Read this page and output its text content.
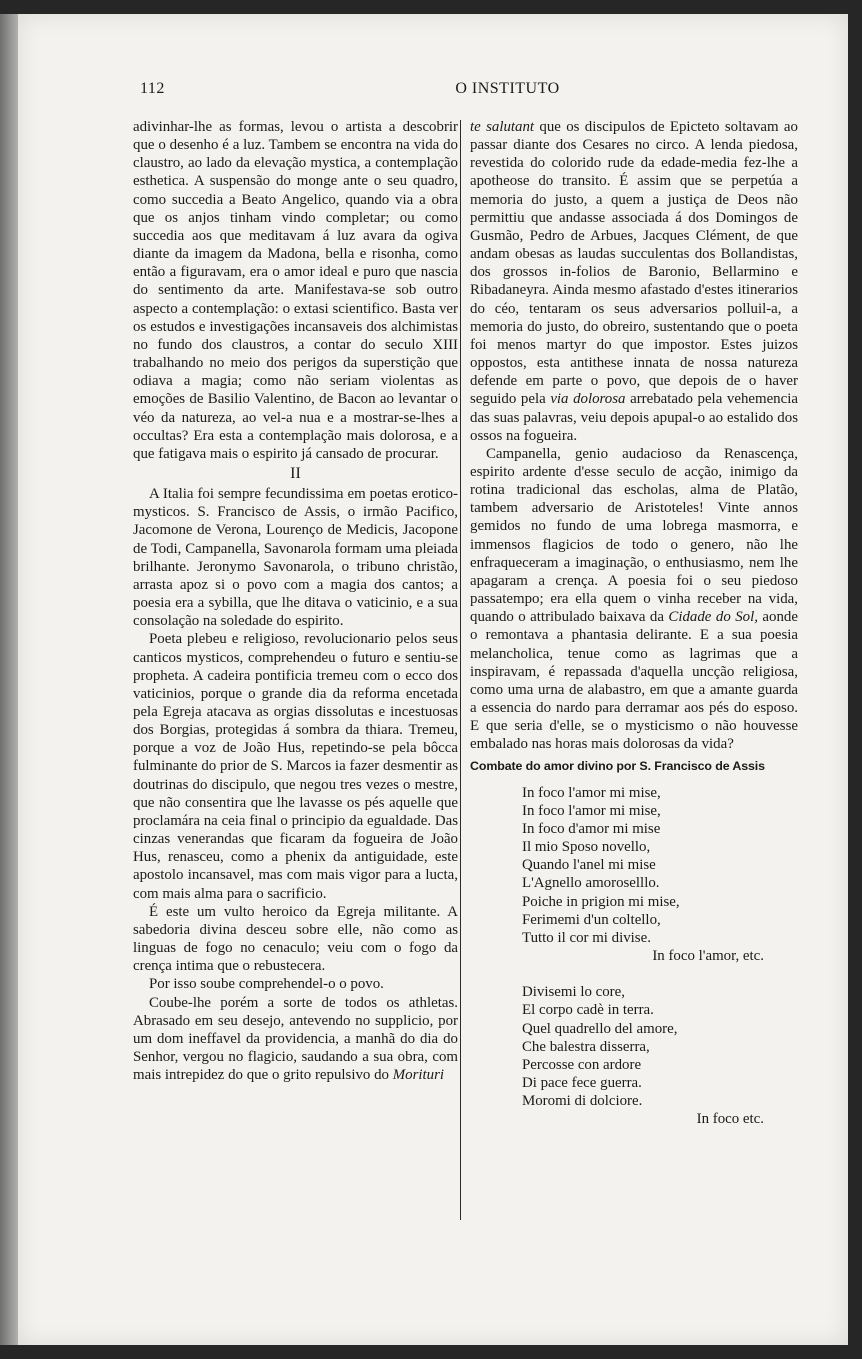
112	O INSTITUTO

adivinhar-lhe as formas, levou o artista a descobrir que o desenho é a luz. Tambem se encontra na vida do claustro, ao lado da elevação mystica, a contemplação esthetica. A suspensão do monge ante o seu quadro, como succedia a Beato Angelico, quando via a obra que os anjos tinham vindo completar; ou como succedia aos que meditavam á luz avara da ogiva diante da imagem da Madona, bella e risonha, como então a figuravam, era o amor ideal e puro que nascia do sentimento da arte. Manifestava-se sob outro aspecto a contemplação: o extasi scientifico. Basta ver os estudos e investigações incansaveis dos alchimistas no fundo dos claustros, a contar do seculo XIII trabalhando no meio dos perigos da superstição que odiava a magia; como não seriam violentas as emoções de Basilio Valentino, de Bacon ao levantar o véo da natureza, ao vel-a nua e a mostrar-se-lhes a occultas? Era esta a contemplação mais dolorosa, e a que fatigava mais o espirito já cansado de procurar.

II

A Italia foi sempre fecundissima em poetas erotico-mysticos. S. Francisco de Assis, o irmão Pacifico, Jacomone de Verona, Lourenço de Medicis, Jacopone de Todi, Campanella, Savonarola formam uma pleiada brilhante. Jeronymo Savonarola, o tribuno christão, arrasta apoz si o povo com a magia dos cantos; a poesia era a sybilla, que lhe ditava o vaticinio, e a sua consolação na soledade do espirito.

Poeta plebeu e religioso, revolucionario pelos seus canticos mysticos, comprehendeu o futuro e sentiu-se propheta. A cadeira pontificia tremeu com o ecco dos vaticinios, porque o grande dia da reforma encetada pela Egreja atacava as orgias dissolutas e incestuosas dos Borgias, protegidas á sombra da thiara. Tremeu, porque a voz de João Hus, repetindo-se pela bôcca fulminante do prior de S. Marcos ia fazer desmentir as doutrinas do discipulo, que negou tres vezes o mestre, que não consentira que lhe lavasse os pés aquelle que proclamára na ceia final o principio da egualdade. Das cinzas venerandas que ficaram da fogueira de João Hus, renasceu, como a phenix da antiguidade, este apostolo incansavel, mas com mais vigor para a lucta, com mais alma para o sacrificio.

É este um vulto heroico da Egreja militante. A sabedoria divina desceu sobre elle, não como as linguas de fogo no cenaculo; veiu com o fogo da crença intima que o rebustecera.

Por isso soube comprehendel-o o povo.

Coube-lhe porém a sorte de todos os athletas. Abrasado em seu desejo, antevendo no supplicio, por um dom ineffavel da providencia, a manhã do dia do Senhor, vergou no flagicio, saudando a sua obra, com mais intrepidez do que o grito repulsivo do Morituri

te salutant que os discipulos de Epicteto soltavam ao passar diante dos Cesares no circo. A lenda piedosa, revestida do colorido rude da edade-media fez-lhe a apotheose do transito. É assim que se perpetúa a memoria do justo, a quem a justiça de Deos não permittiu que andasse associada á dos Domingos de Gusmão, Pedro de Arbues, Jacques Clément, de que andam obesas as laudas succulentas dos Bollandistas, dos grossos in-folios de Baronio, Bellarmino e Ribadaneyra. Ainda mesmo afastado d'estes itinerarios do céo, tentaram os seus adversarios polluil-a, a memoria do justo, do obreiro, sustentando que o poeta foi menos martyr do que impostor. Estes juizos oppostos, esta antithese innata de nossa natureza defende em parte o povo, que depois de o haver seguido pela via dolorosa arrebatado pela vehemencia das suas palavras, veiu depois apupal-o ao estalido dos ossos na fogueira.

Campanella, genio audacioso da Renascença, espirito ardente d'esse seculo de acção, inimigo da rotina tradicional das escholas, alma de Platão, tambem adversario de Aristoteles! Vinte annos gemidos no fundo de uma lobrega masmorra, e immensos flagicios de todo o genero, não lhe enfraqueceram a imaginação, o enthusiasmo, nem lhe apagaram a crença. A poesia foi o seu piedoso passatempo; era ella quem o vinha receber na vida, quando o attribulado baixava da Cidade do Sol, aonde o remontava a phantasia delirante. E a sua poesia melancholica, tenue como as lagrimas que a inspiravam, é repassada d'aquella uncção religiosa, como uma urna de alabastro, em que a amante guarda a essencia do nardo para derramar aos pés do esposo. E que seria d'elle, se o mysticismo o não houvesse embalado nas horas mais dolorosas da vida?

Combate do amor divino por S. Francisco de Assis
In foco l'amor mi mise,
In foco l'amor mi mise,
In foco d'amor mi mise
Il mio Sposo novello,
Quando l'anel mi mise
L'Agnello amoroselllo.
Poiche in prigion mi mise,
Ferimemi d'un coltello,
Tutto il cor mi divise.
In foco l'amor, etc.
Divisemi lo core,
El corpo cadè in terra.
Quel quadrello del amore,
Che balestra disserra,
Percosse con ardore
Di pace fece guerra.
Moromi di dolciore.
In foco etc.
